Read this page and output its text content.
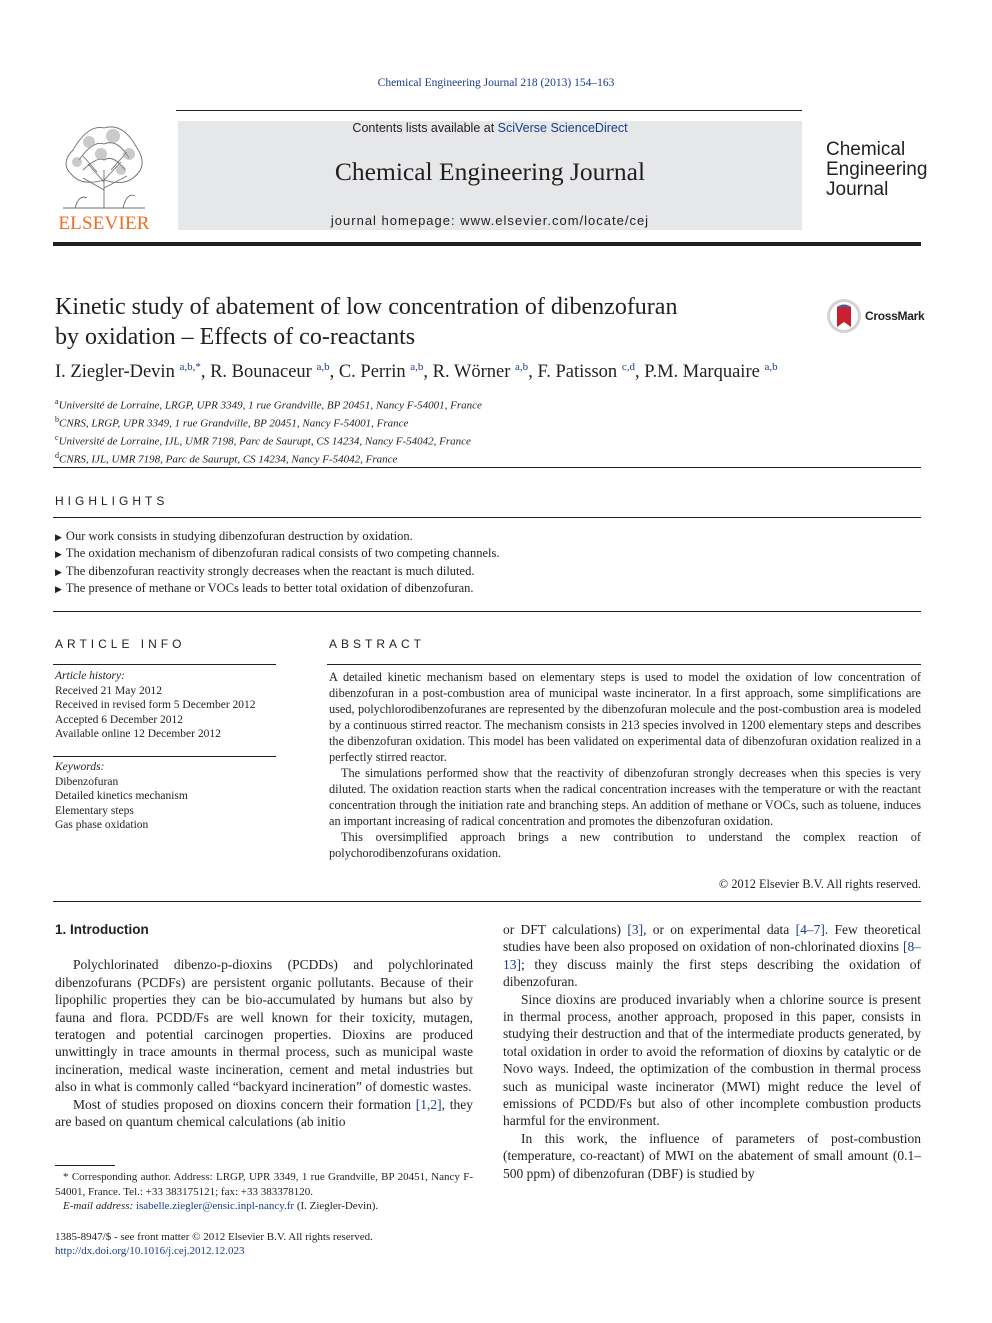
Chemical Engineering Journal 218 (2013) 154–163
Contents lists available at SciVerse ScienceDirect
Chemical Engineering Journal
journal homepage: www.elsevier.com/locate/cej
ELSEVIER
Chemical
Engineering
Journal
Kinetic study of abatement of low concentration of dibenzofuran
by oxidation – Effects of co-reactants
CrossMark
I. Ziegler-Devin $^{a,b,*}$, R. Bounaceur $^{a,b}$, C. Perrin $^{a,b}$, R. Wörner $^{a,b}$, F. Patisson $^{c,d}$, P.M. Marquaire $^{a,b}$
$^a$Université de Lorraine, LRGP, UPR 3349, 1 rue Grandville, BP 20451, Nancy F-54001, France
$^b$CNRS, LRGP, UPR 3349, 1 rue Grandville, BP 20451, Nancy F-54001, France
$^c$Université de Lorraine, IJL, UMR 7198, Parc de Saurupt, CS 14234, Nancy F-54042, France
$^d$CNRS, IJL, UMR 7198, Parc de Saurupt, CS 14234, Nancy F-54042, France
HIGHLIGHTS
▶ Our work consists in studying dibenzofuran destruction by oxidation.
▶ The oxidation mechanism of dibenzofuran radical consists of two competing channels.
▶ The dibenzofuran reactivity strongly decreases when the reactant is much diluted.
▶ The presence of methane or VOCs leads to better total oxidation of dibenzofuran.
ARTICLE INFO
Article history:
Received 21 May 2012
Received in revised form 5 December 2012
Accepted 6 December 2012
Available online 12 December 2012
Keywords:
Dibenzofuran
Detailed kinetics mechanism
Elementary steps
Gas phase oxidation
ABSTRACT

A detailed kinetic mechanism based on elementary steps is used to model the oxidation of low concentration of dibenzofuran in a post-combustion area of municipal waste incinerator. In a first approach, some simplifications are used, polychlorodibenzofuranes are represented by the dibenzofuran molecule and the post-combustion area is modeled by a continuous stirred reactor. The mechanism consists in 213 species involved in 1200 elementary steps and describes the dibenzofuran oxidation. This model has been validated on experimental data of dibenzofuran oxidation realized in a perfectly stirred reactor.

The simulations performed show that the reactivity of dibenzofuran strongly decreases when this species is very diluted. The oxidation reaction starts when the radical concentration increases with the temperature or with the reactant concentration through the initiation rate and branching steps. An addition of methane or VOCs, such as toluene, induces an important increasing of radical concentration and promotes the dibenzofuran oxidation.

This oversimplified approach brings a new contribution to understand the complex reaction of polychorodibenzofurans oxidation.

© 2012 Elsevier B.V. All rights reserved.
1. Introduction

Polychlorinated dibenzo-p-dioxins (PCDDs) and polychlorinated dibenzofurans (PCDFs) are persistent organic pollutants. Because of their lipophilic properties they can be bio-accumulated by humans but also by fauna and flora. PCDD/Fs are well known for their toxicity, mutagen, teratogen and potential carcinogen properties. Dioxins are produced unwittingly in trace amounts in thermal process, such as municipal waste incineration, medical waste incineration, cement and metal industries but also in what is commonly called “backyard incineration” of domestic wastes.

Most of studies proposed on dioxins concern their formation [1,2], they are based on quantum chemical calculations (ab initio

or DFT calculations) [3], or on experimental data [4–7]. Few theoretical studies have been also proposed on oxidation of non-chlorinated dioxins [8–13]; they discuss mainly the first steps describing the oxidation of dibenzofuran.

Since dioxins are produced invariably when a chlorine source is present in thermal process, another approach, proposed in this paper, consists in studying their destruction and that of the intermediate products generated, by total oxidation in order to avoid the reformation of dioxins by catalytic or de Novo ways. Indeed, the optimization of the combustion in thermal process such as municipal waste incinerator (MWI) might reduce the level of emissions of PCDD/Fs but also of other incomplete combustion products harmful for the environment.

In this work, the influence of parameters of post-combustion (temperature, co-reactant) of MWI on the abatement of small amount (0.1–500 ppm) of dibenzofuran (DBF) is studied by

* Corresponding author. Address: LRGP, UPR 3349, 1 rue Grandville, BP 20451, Nancy F-54001, France. Tel.: +33 383175121; fax: +33 383378120.

E-mail address: isabelle.ziegler@ensic.inpl-nancy.fr (I. Ziegler-Devin).

1385-8947/$ - see front matter © 2012 Elsevier B.V. All rights reserved.
http://dx.doi.org/10.1016/j.cej.2012.12.023
